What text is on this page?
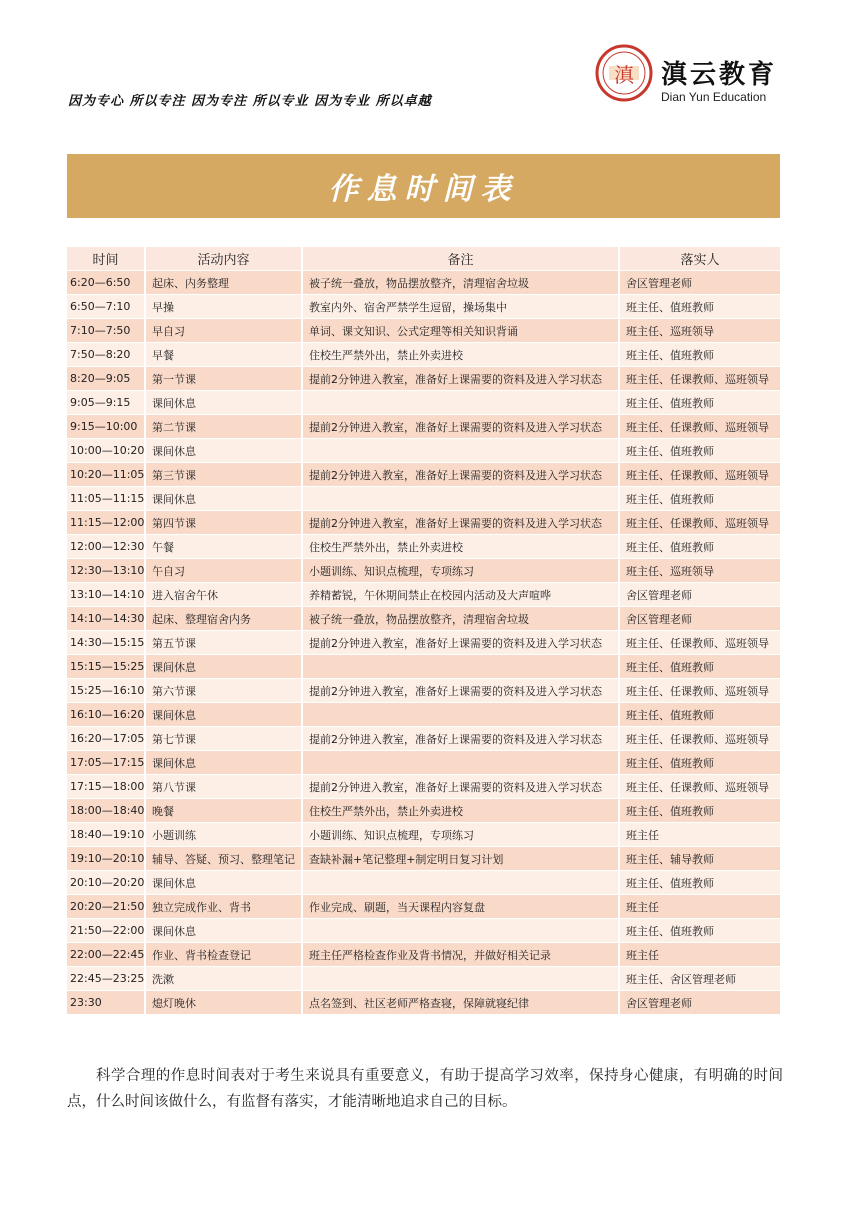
因为专心 所以专注 因为专注 所以专业 因为专业 所以卓越
滇 滇云教育
Dian Yun Education
作息时间表
时间	活动内容	备注	落实人
6:20—6:50	起床、内务整理	被子统一叠放，物品摆放整齐，清理宿舍垃圾	舍区管理老师
6:50—7:10	早操	教室内外、宿舍严禁学生逗留，操场集中	班主任、值班教师
7:10—7:50	早自习	单词、课文知识、公式定理等相关知识背诵	班主任、巡班领导
7:50—8:20	早餐	住校生严禁外出，禁止外卖进校	班主任、值班教师
8:20—9:05	第一节课	提前2分钟进入教室，准备好上课需要的资料及进入学习状态	班主任、任课教师、巡班领导
9:05—9:15	课间休息		班主任、值班教师
9:15—10:00	第二节课	提前2分钟进入教室，准备好上课需要的资料及进入学习状态	班主任、任课教师、巡班领导
10:00—10:20	课间休息		班主任、值班教师
10:20—11:05	第三节课	提前2分钟进入教室，准备好上课需要的资料及进入学习状态	班主任、任课教师、巡班领导
11:05—11:15	课间休息		班主任、值班教师
11:15—12:00	第四节课	提前2分钟进入教室，准备好上课需要的资料及进入学习状态	班主任、任课教师、巡班领导
12:00—12:30	午餐	住校生严禁外出，禁止外卖进校	班主任、值班教师
12:30—13:10	午自习	小题训练、知识点梳理，专项练习	班主任、巡班领导
13:10—14:10	进入宿舍午休	养精蓄锐，午休期间禁止在校园内活动及大声喧哗	舍区管理老师
14:10—14:30	起床、整理宿舍内务	被子统一叠放，物品摆放整齐，清理宿舍垃圾	舍区管理老师
14:30—15:15	第五节课	提前2分钟进入教室，准备好上课需要的资料及进入学习状态	班主任、任课教师、巡班领导
15:15—15:25	课间休息		班主任、值班教师
15:25—16:10	第六节课	提前2分钟进入教室，准备好上课需要的资料及进入学习状态	班主任、任课教师、巡班领导
16:10—16:20	课间休息		班主任、值班教师
16:20—17:05	第七节课	提前2分钟进入教室，准备好上课需要的资料及进入学习状态	班主任、任课教师、巡班领导
17:05—17:15	课间休息		班主任、值班教师
17:15—18:00	第八节课	提前2分钟进入教室，准备好上课需要的资料及进入学习状态	班主任、任课教师、巡班领导
18:00—18:40	晚餐	住校生严禁外出，禁止外卖进校	班主任、值班教师
18:40—19:10	小题训练	小题训练、知识点梳理，专项练习	班主任
19:10—20:10	辅导、答疑、预习、整理笔记	查缺补漏+笔记整理+制定明日复习计划	班主任、辅导教师
20:10—20:20	课间休息		班主任、值班教师
20:20—21:50	独立完成作业、背书	作业完成、刷题，当天课程内容复盘	班主任
21:50—22:00	课间休息		班主任、值班教师
22:00—22:45	作业、背书检查登记	班主任严格检查作业及背书情况，并做好相关记录	班主任
22:45—23:25	洗漱		班主任、舍区管理老师
23:30	熄灯晚休	点名签到、社区老师严格查寝，保障就寝纪律	舍区管理老师

科学合理的作息时间表对于考生来说具有重要意义，有助于提高学习效率，保持身心健康，有明确的时间点，什么时间该做什么，有监督有落实，才能清晰地追求自己的目标。
